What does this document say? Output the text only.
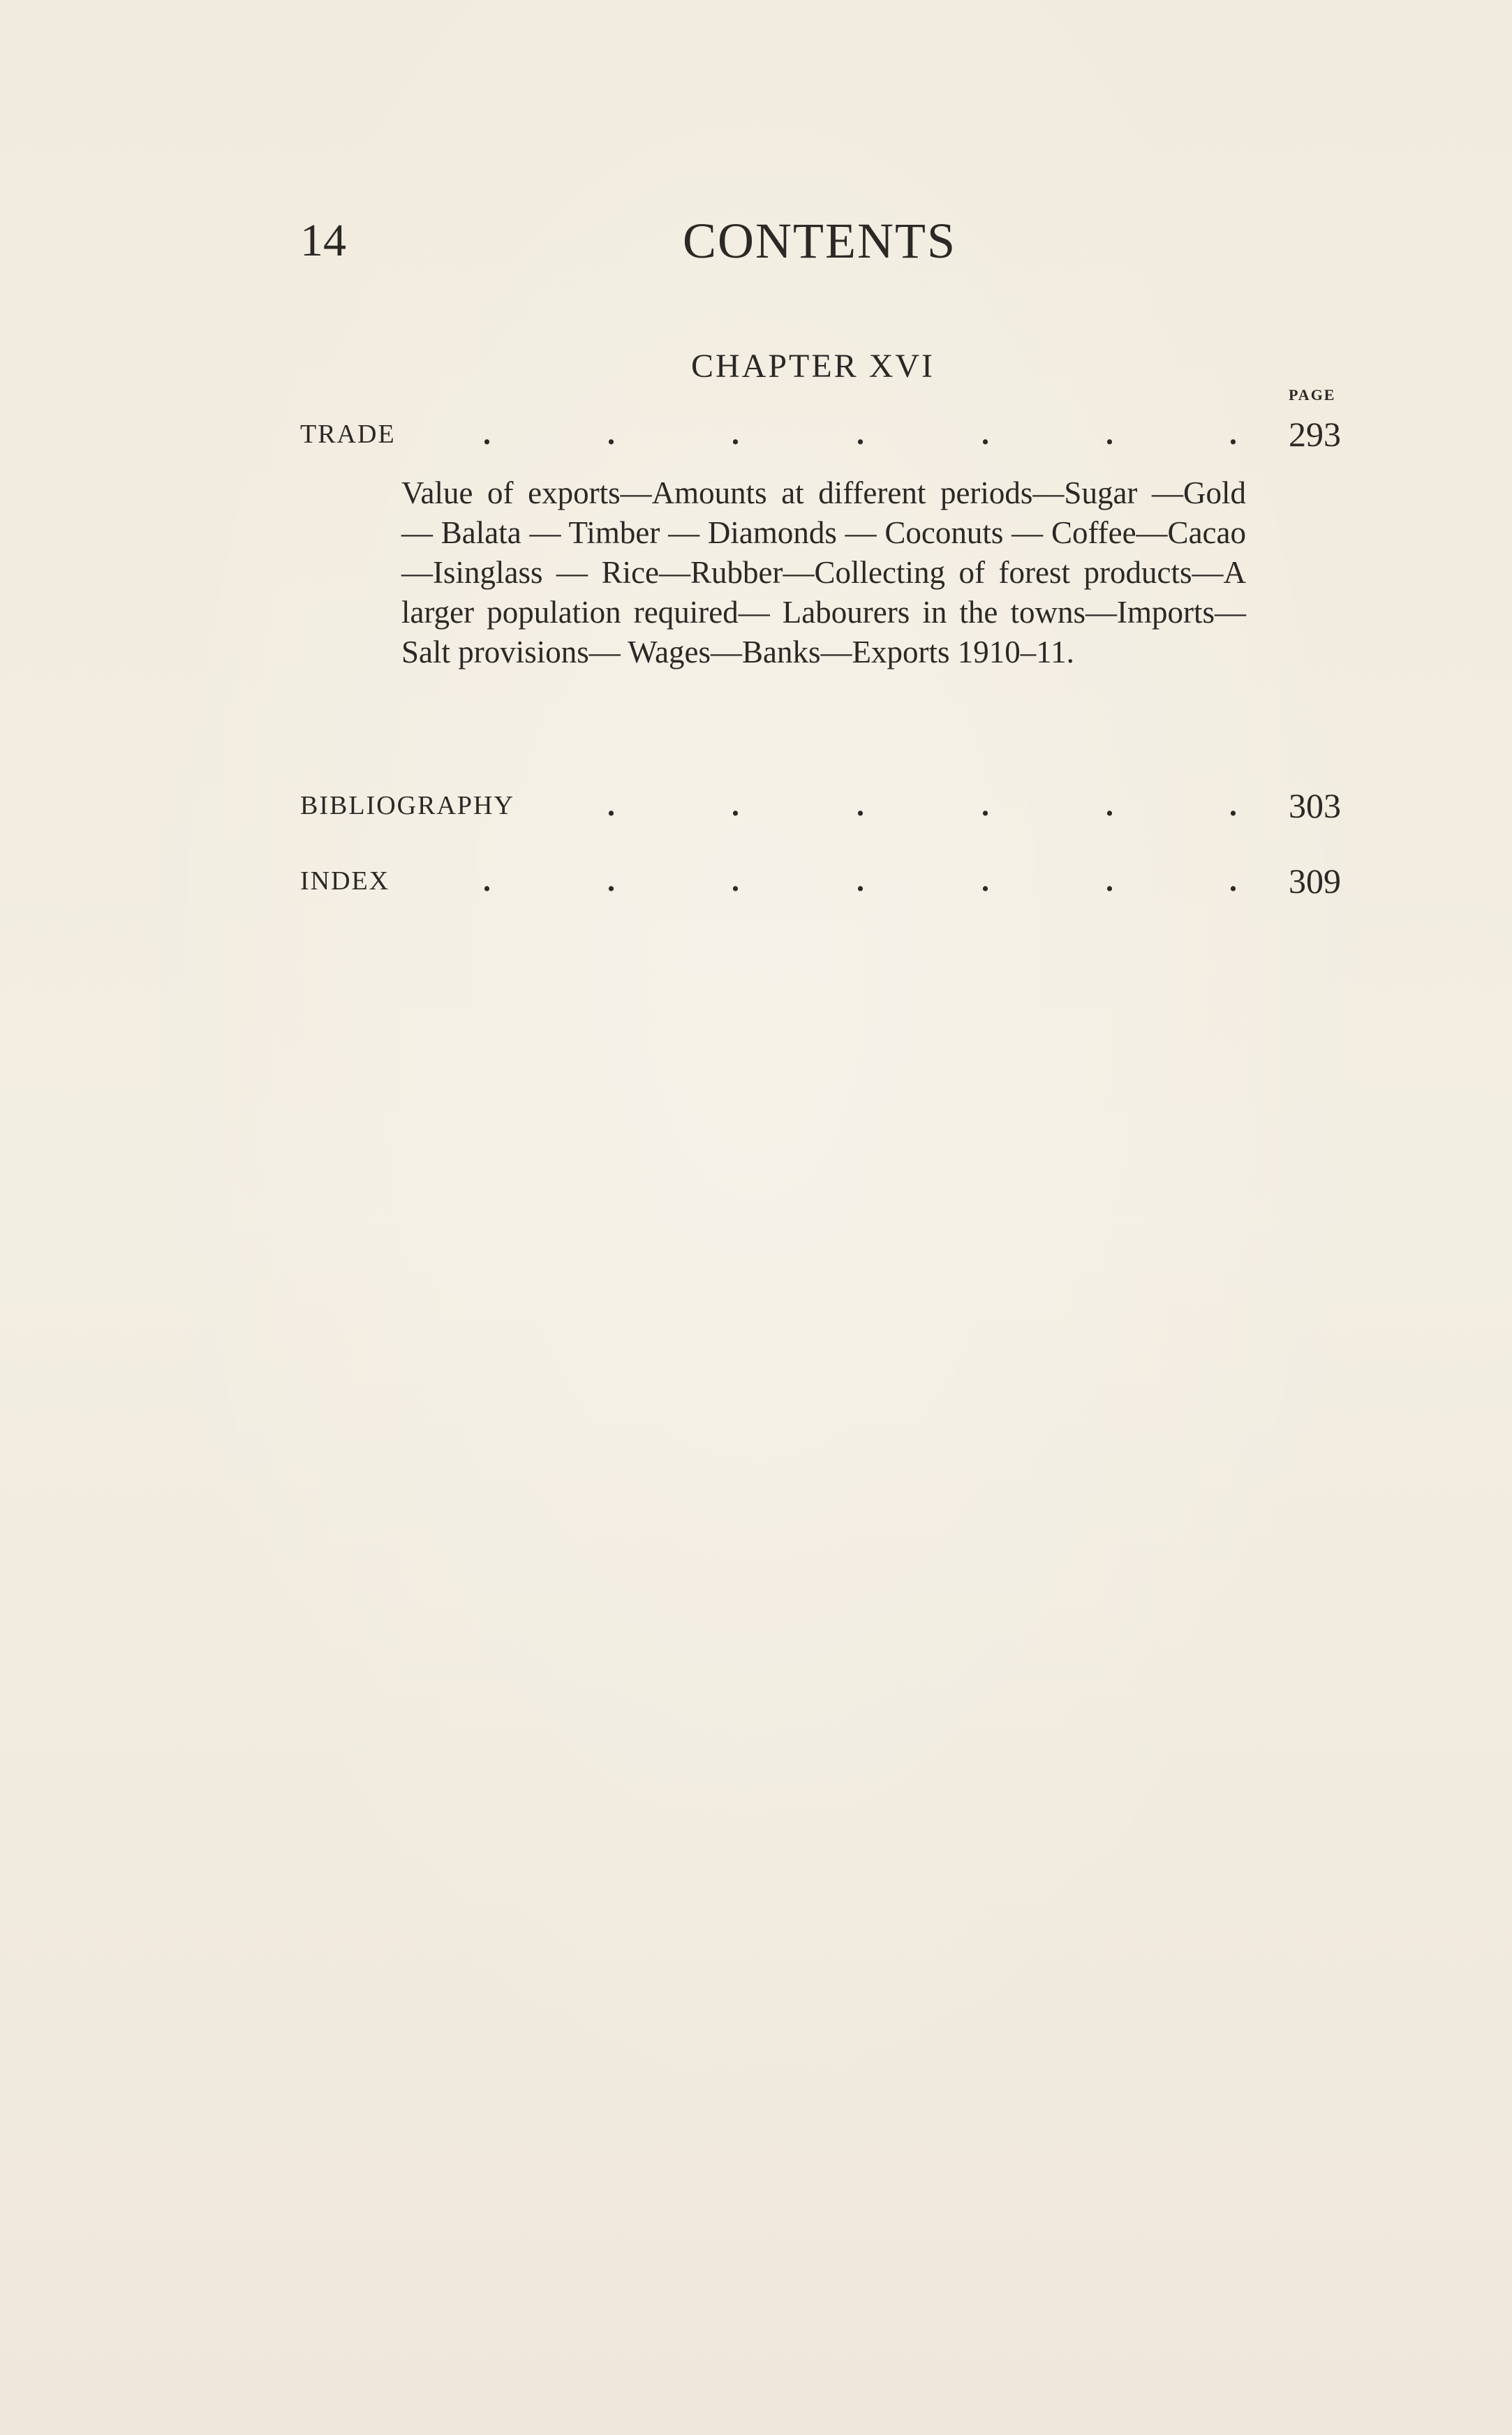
14	CONTENTS
CHAPTER XVI
PAGE
TRADE	.	.	.	.	.	.	. 293
Value of exports—Amounts at different periods—Sugar —Gold — Balata — Timber — Diamonds — Coconuts — Coffee—Cacao—Isinglass — Rice—Rubber—Collecting of forest products—A larger population required— Labourers in the towns—Imports—Salt provisions— Wages—Banks—Exports 1910–11.
BIBLIOGRAPHY	.	.	.	.	.	. 303
INDEX	.	.	.	.	.	.	. 309
